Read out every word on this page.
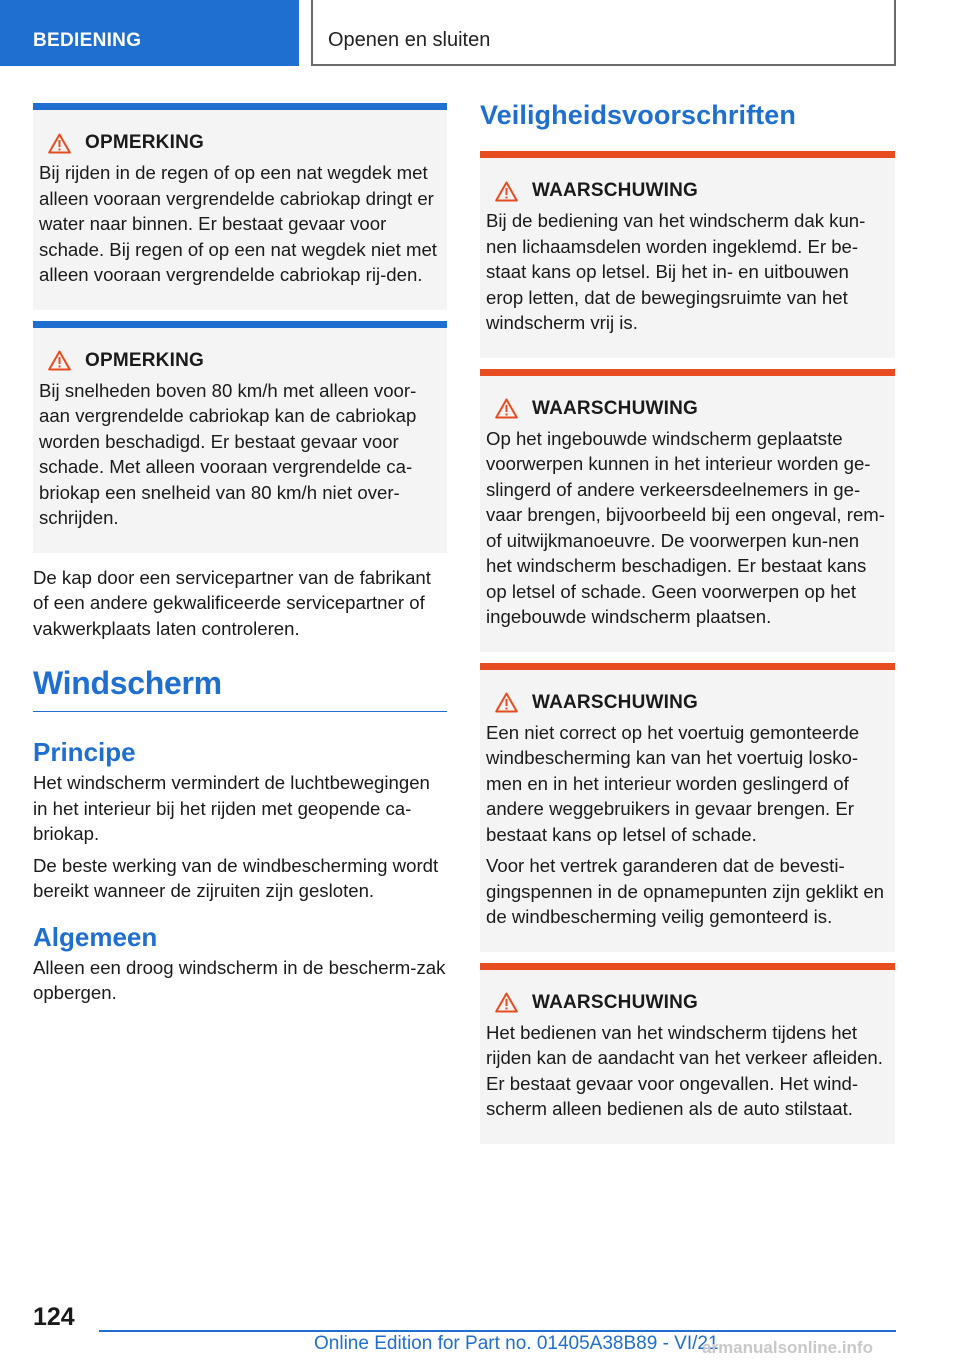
BEDIENING	Openen en sluiten
OPMERKING

Bij rijden in de regen of op een nat wegdek met alleen vooraan vergrendelde cabriokap dringt er water naar binnen. Er bestaat gevaar voor schade. Bij regen of op een nat wegdek niet met alleen vooraan vergrendelde cabriokap rij-den.

OPMERKING

Bij snelheden boven 80 km/h met alleen voor-aan vergrendelde cabriokap kan de cabriokap worden beschadigd. Er bestaat gevaar voor schade. Met alleen vooraan vergrendelde ca-briokap een snelheid van 80 km/h niet over-schrijden.

De kap door een servicepartner van de fabrikant of een andere gekwalificeerde servicepartner of vakwerkplaats laten controleren.

Windscherm
Principe

Het windscherm vermindert de luchtbewegingen in het interieur bij het rijden met geopende ca-briokap.

De beste werking van de windbescherming wordt bereikt wanneer de zijruiten zijn gesloten.

Algemeen

Alleen een droog windscherm in de bescherm-zak opbergen.

Veiligheidsvoorschriften
WAARSCHUWING

Bij de bediening van het windscherm dak kun-nen lichaamsdelen worden ingeklemd. Er be-staat kans op letsel. Bij het in- en uitbouwen erop letten, dat de bewegingsruimte van het windscherm vrij is.

WAARSCHUWING

Op het ingebouwde windscherm geplaatste voorwerpen kunnen in het interieur worden ge-slingerd of andere verkeersdeelnemers in ge-vaar brengen, bijvoorbeeld bij een ongeval, rem- of uitwijkmanoeuvre. De voorwerpen kun-nen het windscherm beschadigen. Er bestaat kans op letsel of schade. Geen voorwerpen op het ingebouwde windscherm plaatsen.

WAARSCHUWING

Een niet correct op het voertuig gemonteerde windbescherming kan van het voertuig losko-men en in het interieur worden geslingerd of andere weggebruikers in gevaar brengen. Er bestaat kans op letsel of schade.

Voor het vertrek garanderen dat de bevesti-gingspennen in de opnamepunten zijn geklikt en de windbescherming veilig gemonteerd is.

WAARSCHUWING

Het bedienen van het windscherm tijdens het rijden kan de aandacht van het verkeer afleiden. Er bestaat gevaar voor ongevallen. Het wind-scherm alleen bedienen als de auto stilstaat.

124
Online Edition for Part no. 01405A38B89 - VI/21
armanualsonline.info
